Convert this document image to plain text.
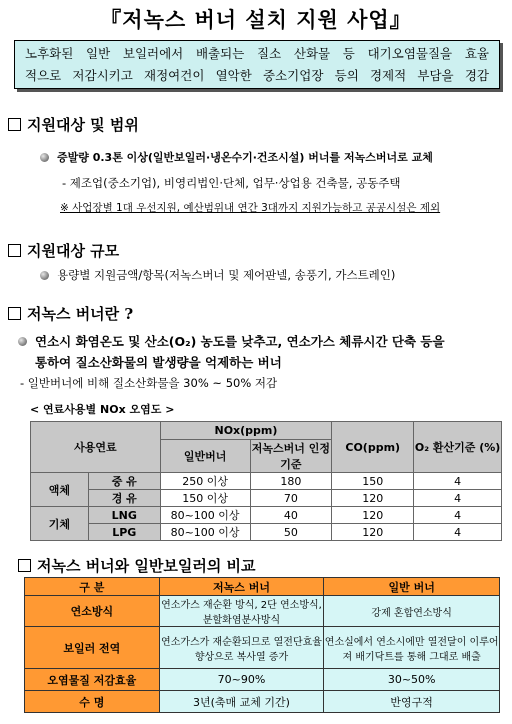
『저녹스 버너 설치 지원 사업』
노후화된 일반 보일러에서 배출되는 질소 산화물 등 대기오염물질을 효율
적으로 저감시키고 재정여건이 열악한 중소기업장 등의 경제적 부담을 경감
지원대상 및 범위
증발량 0.3톤 이상(일반보일러·냉온수기·건조시설) 버너를 저녹스버너로 교체
- 제조업(중소기업), 비영리법인·단체, 업무·상업용 건축물, 공동주택
※ 사업장별 1대 우선지원, 예산범위내 연간 3대까지 지원가능하고 공공시설은 제외
지원대상 규모
용량별 지원금액/항목(저녹스버너 및 제어판넬, 송풍기, 가스트레인)
저녹스 버너란 ?
연소시 화염온도 및 산소(O₂) 농도를 낮추고, 연소가스 체류시간 단축 등을
통하여 질소산화물의 발생량을 억제하는 버너
- 일반버너에 비해 질소산화물을 30% ~ 50% 저감
< 연료사용별 NOx 오염도 >
사용연료		NOx(ppm)		CO(ppm)	O₂ 환산기준 (%)
		일반버너	저녹스버너 인정기준		
액체	중 유	250 이상	180	150	4
	경 유	150 이상	70	120	4
기체	LNG	80~100 이상	40	120	4
	LPG	80~100 이상	50	120	4
저녹스 버너와 일반보일러의 비교
구 분	저녹스 버너	일반 버너
연소방식	연소가스 재순환 방식, 2단 연소방식,분할화염분사방식	강제 혼합연소방식
보일러 전역	연소가스가 재순환되므로 열전단효율향상으로 복사열 증가	연소실에서 연소시에만 열전달이 이루어져 배기닥트를 통해 그대로 배출
오염물질 저감효율	70~90%	30~50%
수 명	3년(축매 교체 기간)	반영구적
